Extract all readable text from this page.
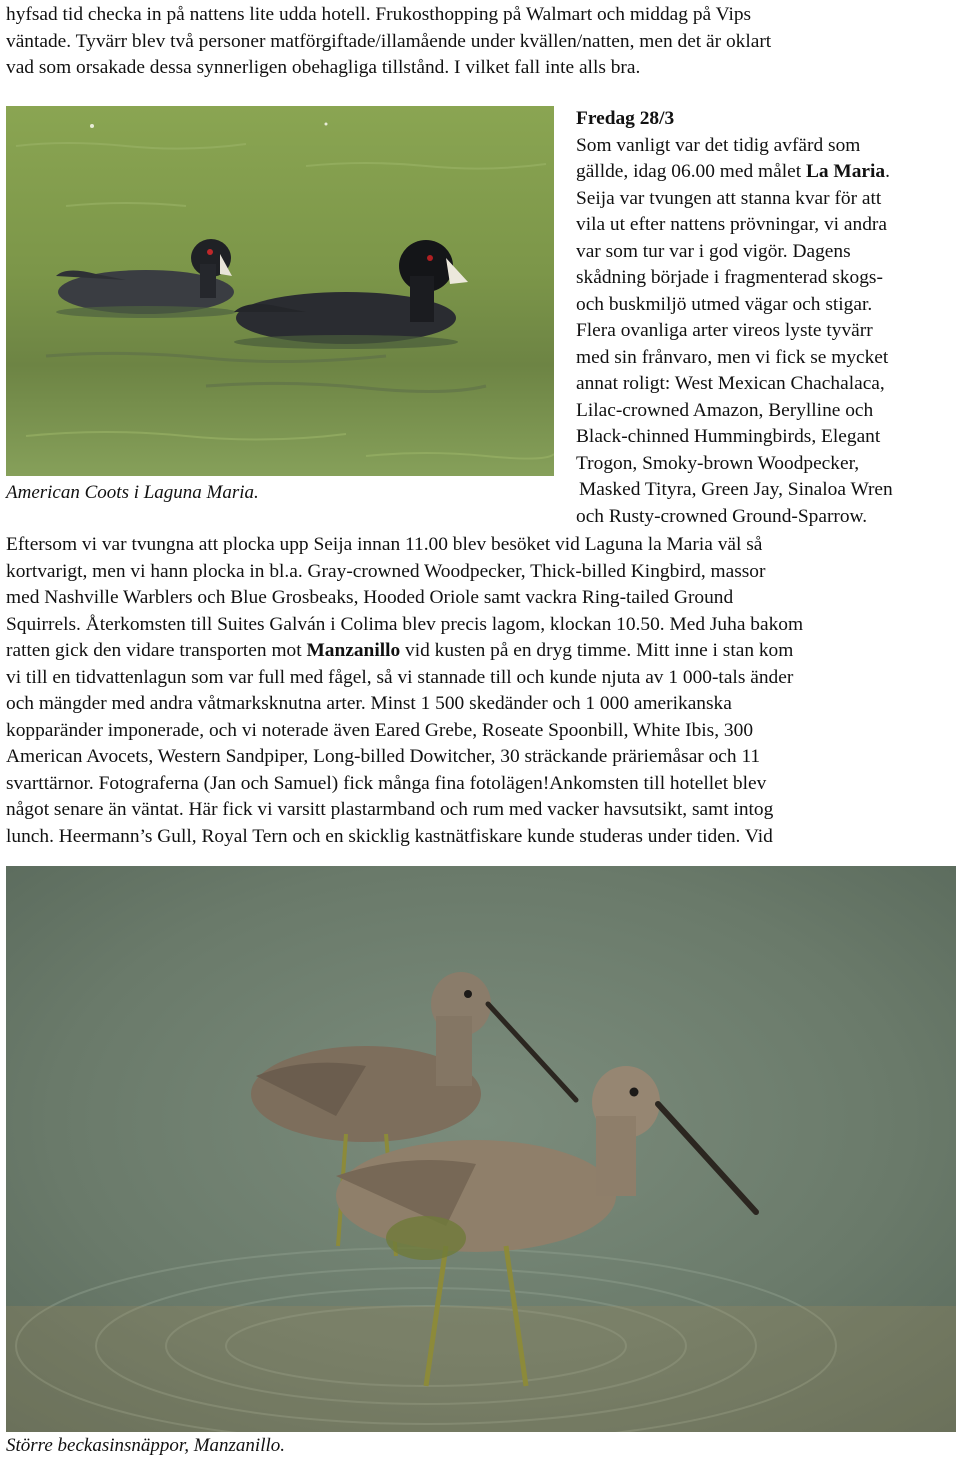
hyfsad tid checka in på nattens lite udda hotell. Frukosthopping på Walmart och middag på Vips
väntade. Tyvärr blev två personer matförgiftade/illamående under kvällen/natten, men det är oklart
vad som orsakade dessa synnerligen obehagliga tillstånd. I vilket fall inte alls bra.

American Coots i Laguna Maria.
Fredag 28/3

Som vanligt var det tidig avfärd som
gällde, idag 06.00 med målet La Maria.
Seija var tvungen att stanna kvar för att
vila ut efter nattens prövningar, vi andra
var som tur var i god vigör. Dagens
skådning började i fragmenterad skogs-
och buskmiljö utmed vägar och stigar.
Flera ovanliga arter vireos lyste tyvärr
med sin frånvaro, men vi fick se mycket
annat roligt: West Mexican Chachalaca,
Lilac-crowned Amazon, Berylline och
Black-chinned Hummingbirds, Elegant
Trogon, Smoky-brown Woodpecker,
Masked Tityra, Green Jay, Sinaloa Wren
och Rusty-crowned Ground-Sparrow.

Eftersom vi var tvungna att plocka upp Seija innan 11.00 blev besöket vid Laguna la Maria väl så
kortvarigt, men vi hann plocka in bl.a. Gray-crowned Woodpecker, Thick-billed Kingbird, massor
med Nashville Warblers och Blue Grosbeaks, Hooded Oriole samt vackra Ring-tailed Ground
Squirrels. Återkomsten till Suites Galván i Colima blev precis lagom, klockan 10.50. Med Juha bakom
ratten gick den vidare transporten mot Manzanillo vid kusten på en dryg timme. Mitt inne i stan kom
vi till en tidvattenlagun som var full med fågel, så vi stannade till och kunde njuta av 1 000-tals änder
och mängder med andra våtmarksknutna arter. Minst 1 500 skedänder och 1 000 amerikanska
kopparänder imponerade, och vi noterade även Eared Grebe, Roseate Spoonbill, White Ibis, 300
American Avocets, Western Sandpiper, Long-billed Dowitcher, 30 sträckande präriemåsar och 11
svarttärnor. Fotograferna (Jan och Samuel) fick många fina fotolägen!Ankomsten till hotellet blev
något senare än väntat. Här fick vi varsitt plastarmband och rum med vacker havsutsikt, samt intog
lunch. Heermann’s Gull, Royal Tern och en skicklig kastnätfiskare kunde studeras under tiden. Vid

Större beckasinsnäppor, Manzanillo.
